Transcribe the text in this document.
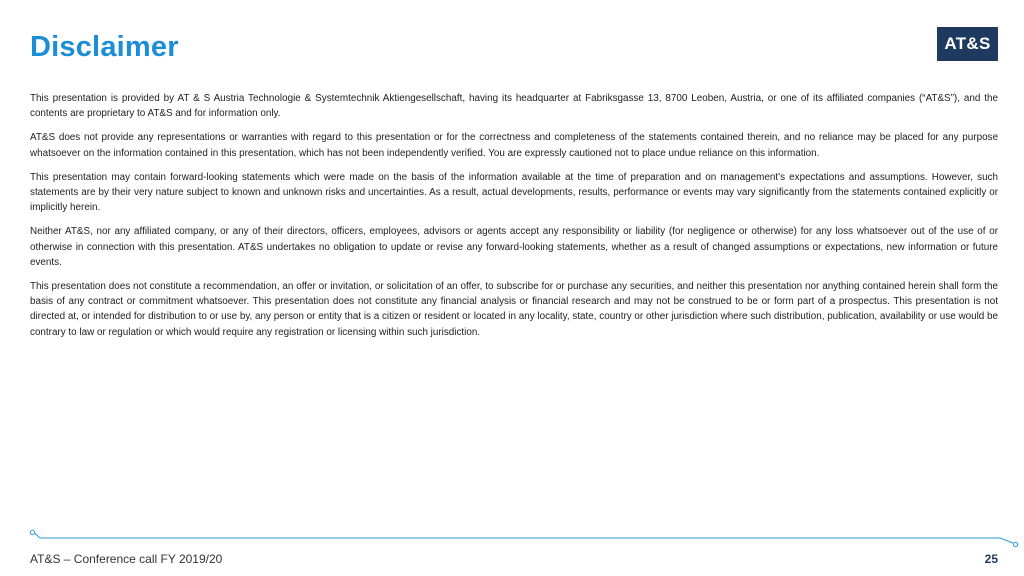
Disclaimer	AT&S

This presentation is provided by AT & S Austria Technologie & Systemtechnik Aktiengesellschaft, having its headquarter at Fabriksgasse 13, 8700 Leoben, Austria, or one of its affiliated companies (“AT&S”), and the contents are proprietary to AT&S and for information only.

AT&S does not provide any representations or warranties with regard to this presentation or for the correctness and completeness of the statements contained therein, and no reliance may be placed for any purpose whatsoever on the information contained in this presentation, which has not been independently verified. You are expressly cautioned not to place undue reliance on this information.

This presentation may contain forward-looking statements which were made on the basis of the information available at the time of preparation and on management’s expectations and assumptions. However, such statements are by their very nature subject to known and unknown risks and uncertainties. As a result, actual developments, results, performance or events may vary significantly from the statements contained explicitly or implicitly herein.

Neither AT&S, nor any affiliated company, or any of their directors, officers, employees, advisors or agents accept any responsibility or liability (for negligence or otherwise) for any loss whatsoever out of the use of or otherwise in connection with this presentation. AT&S undertakes no obligation to update or revise any forward-looking statements, whether as a result of changed assumptions or expectations, new information or future events.

This presentation does not constitute a recommendation, an offer or invitation, or solicitation of an offer, to subscribe for or purchase any securities, and neither this presentation nor anything contained herein shall form the basis of any contract or commitment whatsoever. This presentation does not constitute any financial analysis or financial research and may not be construed to be or form part of a prospectus. This presentation is not directed at, or intended for distribution to or use by, any person or entity that is a citizen or resident or located in any locality, state, country or other jurisdiction where such distribution, publication, availability or use would be contrary to law or regulation or which would require any registration or licensing within such jurisdiction.

AT&S – Conference call FY 2019/20	25
